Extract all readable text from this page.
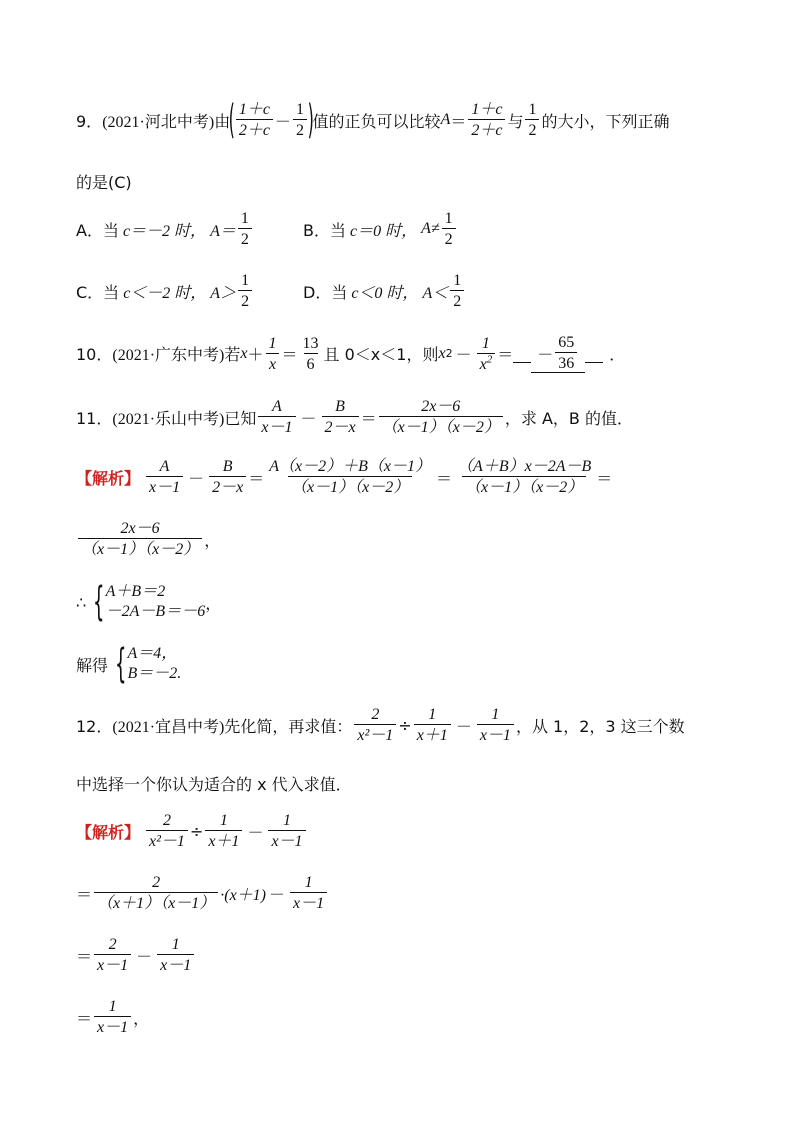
9． (2021·河北中考) 由
( $\frac{1+c}{2+c} - \frac{1}{2}$ )
值的正负可以比较 $A = \frac{1+c}{2+c}$ 与 $\frac{1}{2}$ 的大小，下列正确
的是(C)
A．当 c＝－2 时， $A= \frac{1}{2}$	B．当 c＝0 时， $A\ne \frac{1}{2}$
C．当 c＜－2 时， $A> \frac{1}{2}$	D．当 c＜0 时， $A< \frac{1}{2}$
10． (2021·广东中考) 若 $x + \frac{1}{x} = \frac{13}{6}$ 且 0＜x＜1，则 x $2 - \frac{1}{x^2}$ ＝ － $\frac{65}{36}$ ．
11． (2021·乐山中考) 已知 $\frac{A}{x-1} - \frac{B}{2-x} = \frac{2x-6}{(x-1)(x-2)}$ ，求 A，B 的值．
【解析】 $\frac{A}{x-1} - \frac{B}{2-x} = \frac{A(x-2)+B(x-1)}{(x-1)(x-2)} = \frac{(A+B)x-2A-B}{(x-1)(x-2)}$ ＝
$\frac{2x-6}{(x-1)(x-2)}$ ，
∴ { A＋B＝2
－2A－B＝－6 ，
解得 { A＝4，
B＝－2.
12． (2021·宜昌中考) 先化简，再求值： $\frac{2}{\text{x²－1}} \div \frac{1}{x+1} - \frac{1}{x-1}$ ，从 1，2，3 这三个数
中选择一个你认为适合的 x 代入求值．
【解析】 $\frac{2}{\text{x²－1}} \div \frac{1}{x+1} - \frac{1}{x-1}$
＝ $\frac{2}{(x+1)(x-1)} \cdot(x+1) - \frac{1}{x-1}$
＝ $\frac{2}{x-1} - \frac{1}{x-1}$
＝ $\frac{1}{x-1}$ ，
